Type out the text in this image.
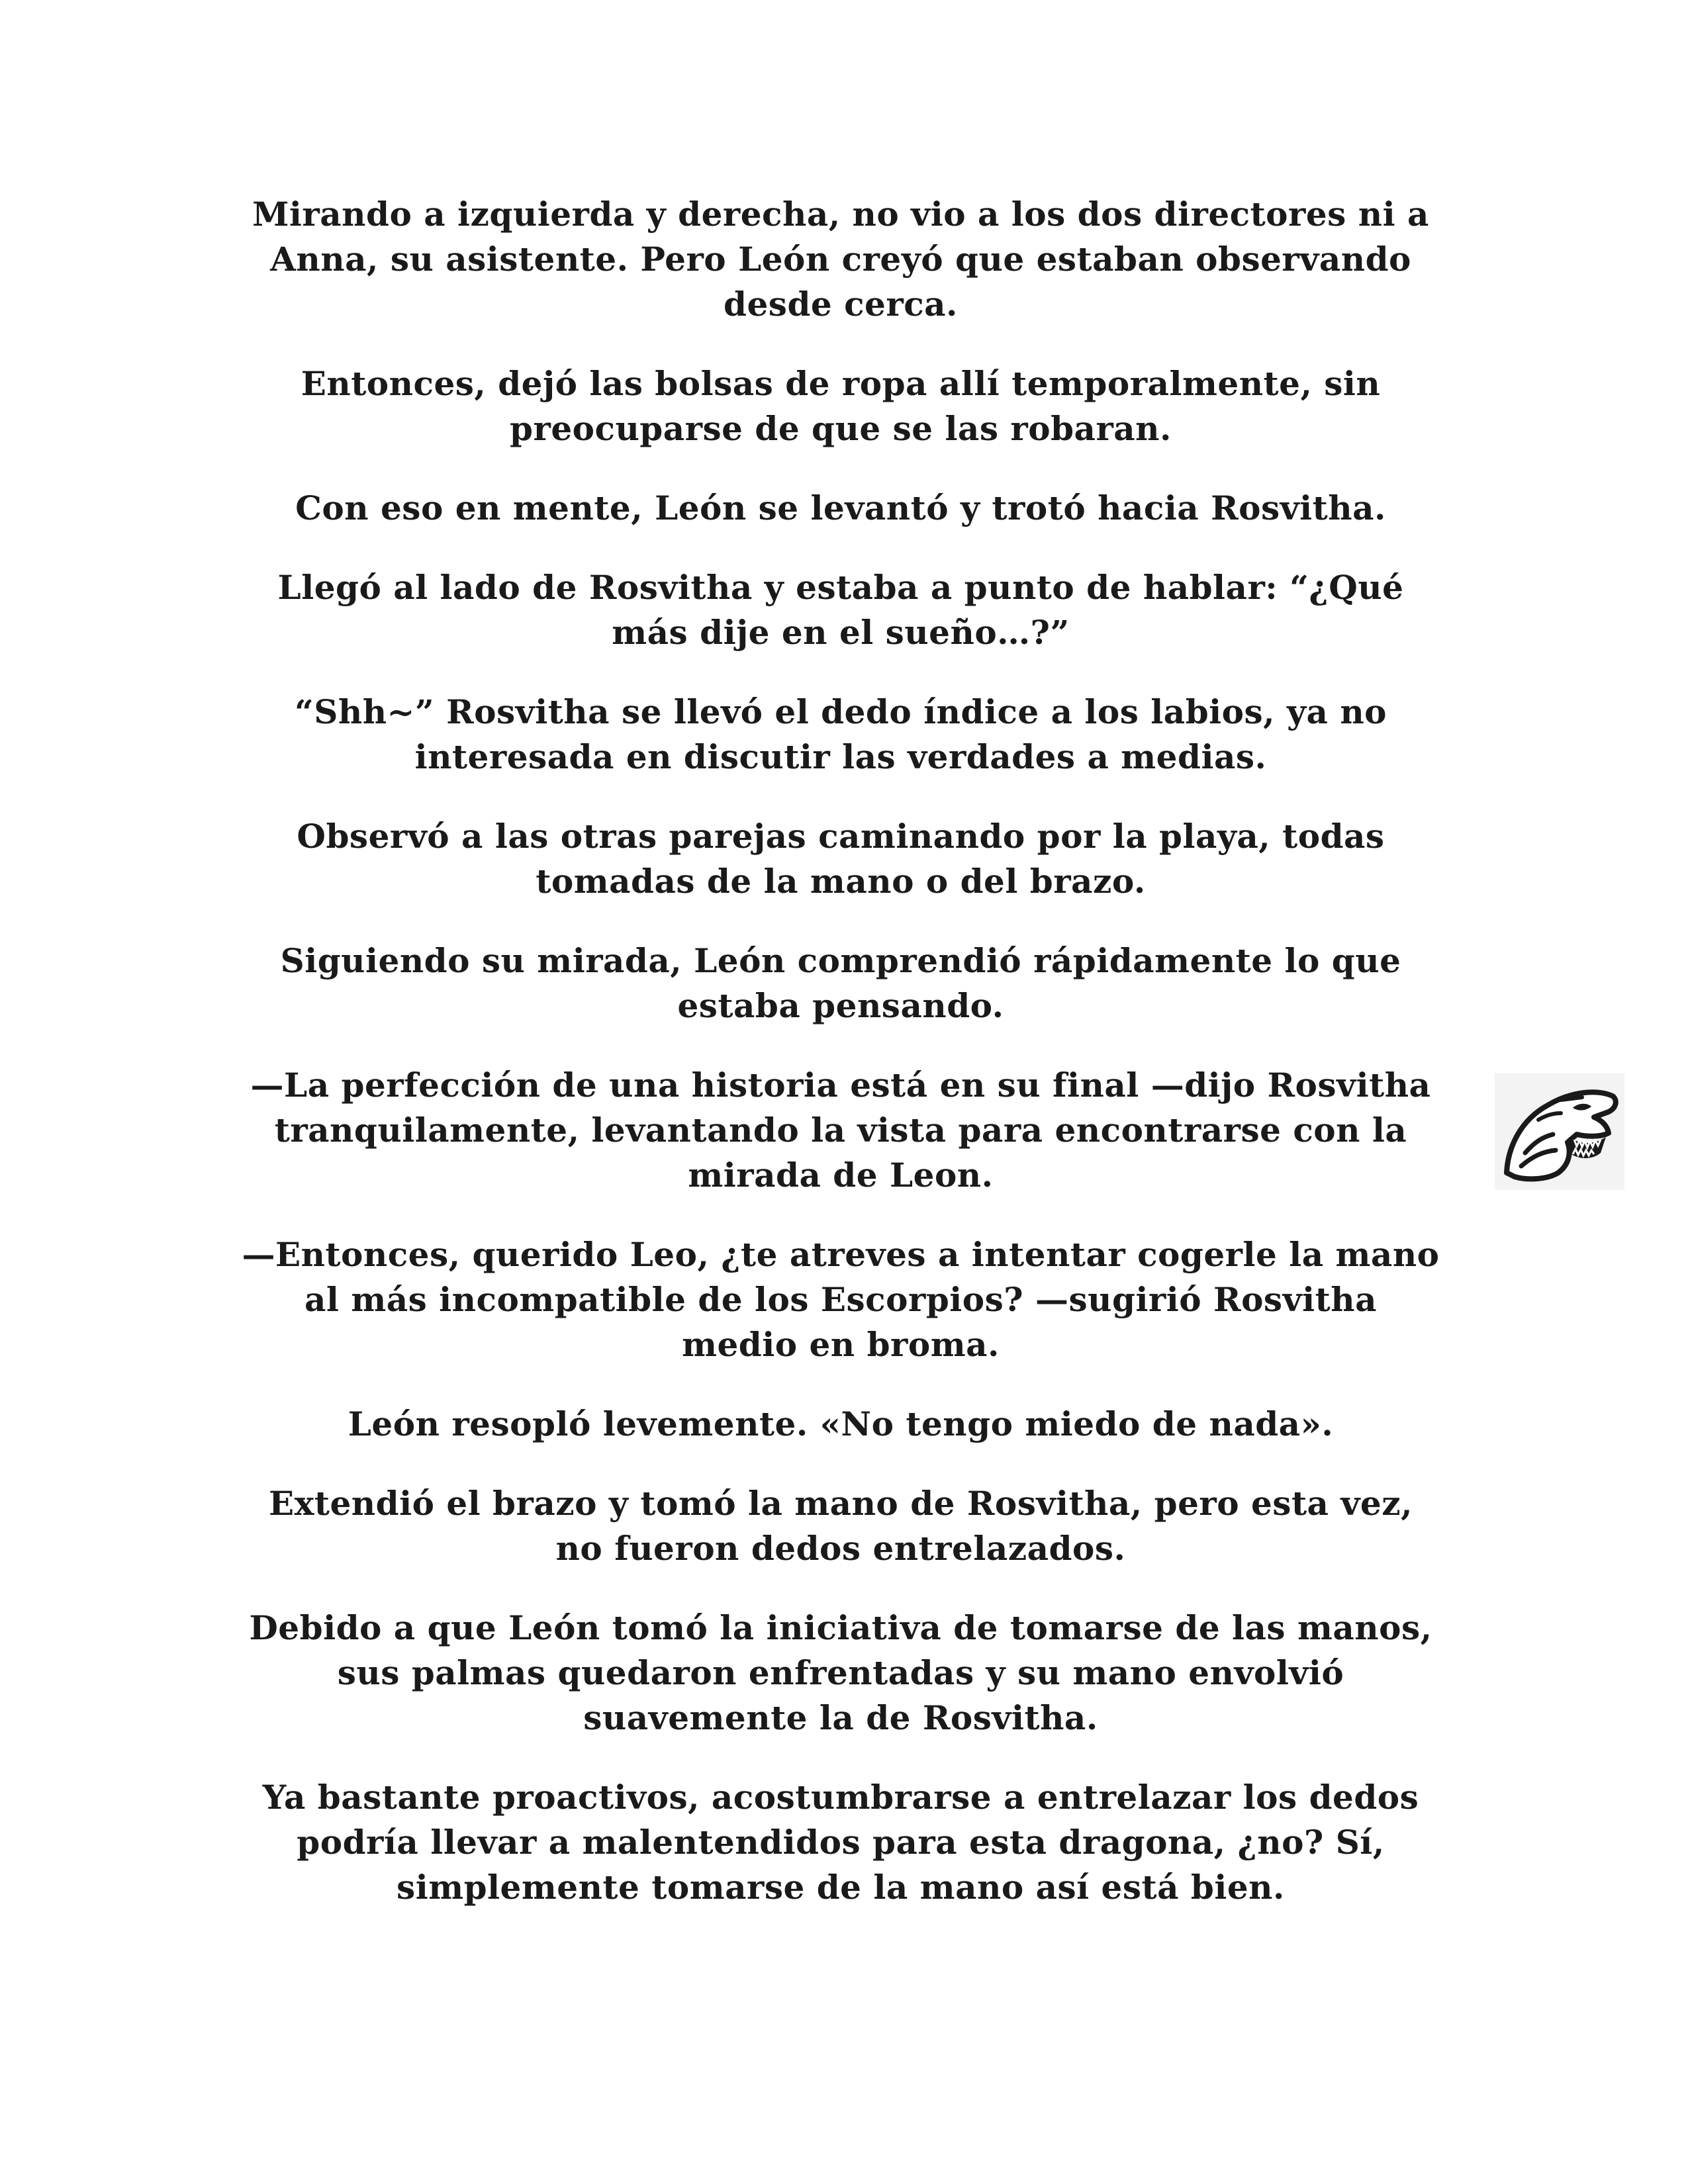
Mirando a izquierda y derecha, no vio a los dos directores ni a
Anna, su asistente. Pero León creyó que estaban observando
desde cerca.

Entonces, dejó las bolsas de ropa allí temporalmente, sin
preocuparse de que se las robaran.

Con eso en mente, León se levantó y trotó hacia Rosvitha.

Llegó al lado de Rosvitha y estaba a punto de hablar: “¿Qué
más dije en el sueño…?”

“Shh~” Rosvitha se llevó el dedo índice a los labios, ya no
interesada en discutir las verdades a medias.

Observó a las otras parejas caminando por la playa, todas
tomadas de la mano o del brazo.

Siguiendo su mirada, León comprendió rápidamente lo que
estaba pensando.

—La perfección de una historia está en su final —dijo Rosvitha
tranquilamente, levantando la vista para encontrarse con la
mirada de Leon.

—Entonces, querido Leo, ¿te atreves a intentar cogerle la mano
al más incompatible de los Escorpios? —sugirió Rosvitha
medio en broma.

León resopló levemente. «No tengo miedo de nada».

Extendió el brazo y tomó la mano de Rosvitha, pero esta vez,
no fueron dedos entrelazados.

Debido a que León tomó la iniciativa de tomarse de las manos,
sus palmas quedaron enfrentadas y su mano envolvió
suavemente la de Rosvitha.

Ya bastante proactivos, acostumbrarse a entrelazar los dedos
podría llevar a malentendidos para esta dragona, ¿no? Sí,
simplemente tomarse de la mano así está bien.
